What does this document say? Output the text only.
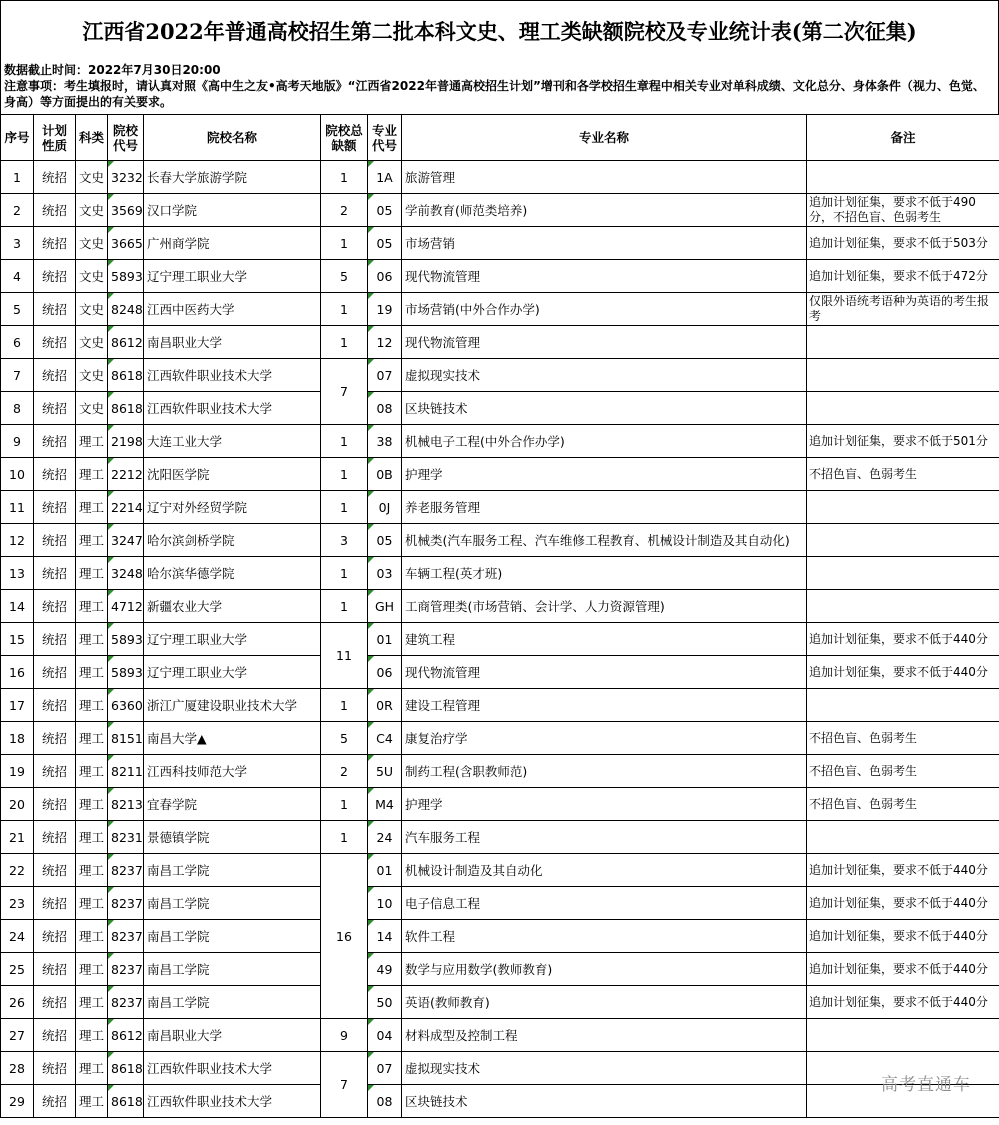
江西省2022年普通高校招生第二批本科文史、理工类缺额院校及专业统计表(第二次征集)
数据截止时间：2022年7月30日20:00
注意事项：考生填报时，请认真对照《高中生之友•高考天地版》“江西省2022年普通高校招生计划”增刊和各学校招生章程中相关专业对单科成绩、文化总分、身体条件（视力、色觉、身高）等方面提出的有关要求。
序号	计划性质	科类	院校代号	院校名称	院校总缺额	专业代号	专业名称	备注
1	统招	文史	3232	长春大学旅游学院	1	1A	旅游管理	
2	统招	文史	3569	汉口学院	2	05	学前教育(师范类培养)	追加计划征集，要求不低于490分，不招色盲、色弱考生
3	统招	文史	3665	广州商学院	1	05	市场营销	追加计划征集，要求不低于503分
4	统招	文史	5893	辽宁理工职业大学	5	06	现代物流管理	追加计划征集，要求不低于472分
5	统招	文史	8248	江西中医药大学	1	19	市场营销(中外合作办学)	仅限外语统考语种为英语的考生报考
6	统招	文史	8612	南昌职业大学	1	12	现代物流管理	
7	统招	文史	8618	江西软件职业技术大学	7	07	虚拟现实技术	
8	统招	文史	8618	江西软件职业技术大学		08	区块链技术	
9	统招	理工	2198	大连工业大学	1	38	机械电子工程(中外合作办学)	追加计划征集，要求不低于501分
10	统招	理工	2212	沈阳医学院	1	0B	护理学	不招色盲、色弱考生
11	统招	理工	2214	辽宁对外经贸学院	1	0J	养老服务管理	
12	统招	理工	3247	哈尔滨剑桥学院	3	05	机械类(汽车服务工程、汽车维修工程教育、机械设计制造及其自动化)	
13	统招	理工	3248	哈尔滨华德学院	1	03	车辆工程(英才班)	
14	统招	理工	4712	新疆农业大学	1	GH	工商管理类(市场营销、会计学、人力资源管理)	
15	统招	理工	5893	辽宁理工职业大学	11	01	建筑工程	追加计划征集，要求不低于440分
16	统招	理工	5893	辽宁理工职业大学		06	现代物流管理	追加计划征集，要求不低于440分
17	统招	理工	6360	浙江广厦建设职业技术大学	1	0R	建设工程管理	
18	统招	理工	8151	南昌大学▲	5	C4	康复治疗学	不招色盲、色弱考生
19	统招	理工	8211	江西科技师范大学	2	5U	制药工程(含职教师范)	不招色盲、色弱考生
20	统招	理工	8213	宜春学院	1	M4	护理学	不招色盲、色弱考生
21	统招	理工	8231	景德镇学院	1	24	汽车服务工程	
22	统招	理工	8237	南昌工学院	16	01	机械设计制造及其自动化	追加计划征集，要求不低于440分
23	统招	理工	8237	南昌工学院		10	电子信息工程	追加计划征集，要求不低于440分
24	统招	理工	8237	南昌工学院		14	软件工程	追加计划征集，要求不低于440分
25	统招	理工	8237	南昌工学院		49	数学与应用数学(教师教育)	追加计划征集，要求不低于440分
26	统招	理工	8237	南昌工学院		50	英语(教师教育)	追加计划征集，要求不低于440分
27	统招	理工	8612	南昌职业大学	9	04	材料成型及控制工程	
28	统招	理工	8618	江西软件职业技术大学	7	07	虚拟现实技术	
29	统招	理工	8618	江西软件职业技术大学		08	区块链技术	
高考直通车
